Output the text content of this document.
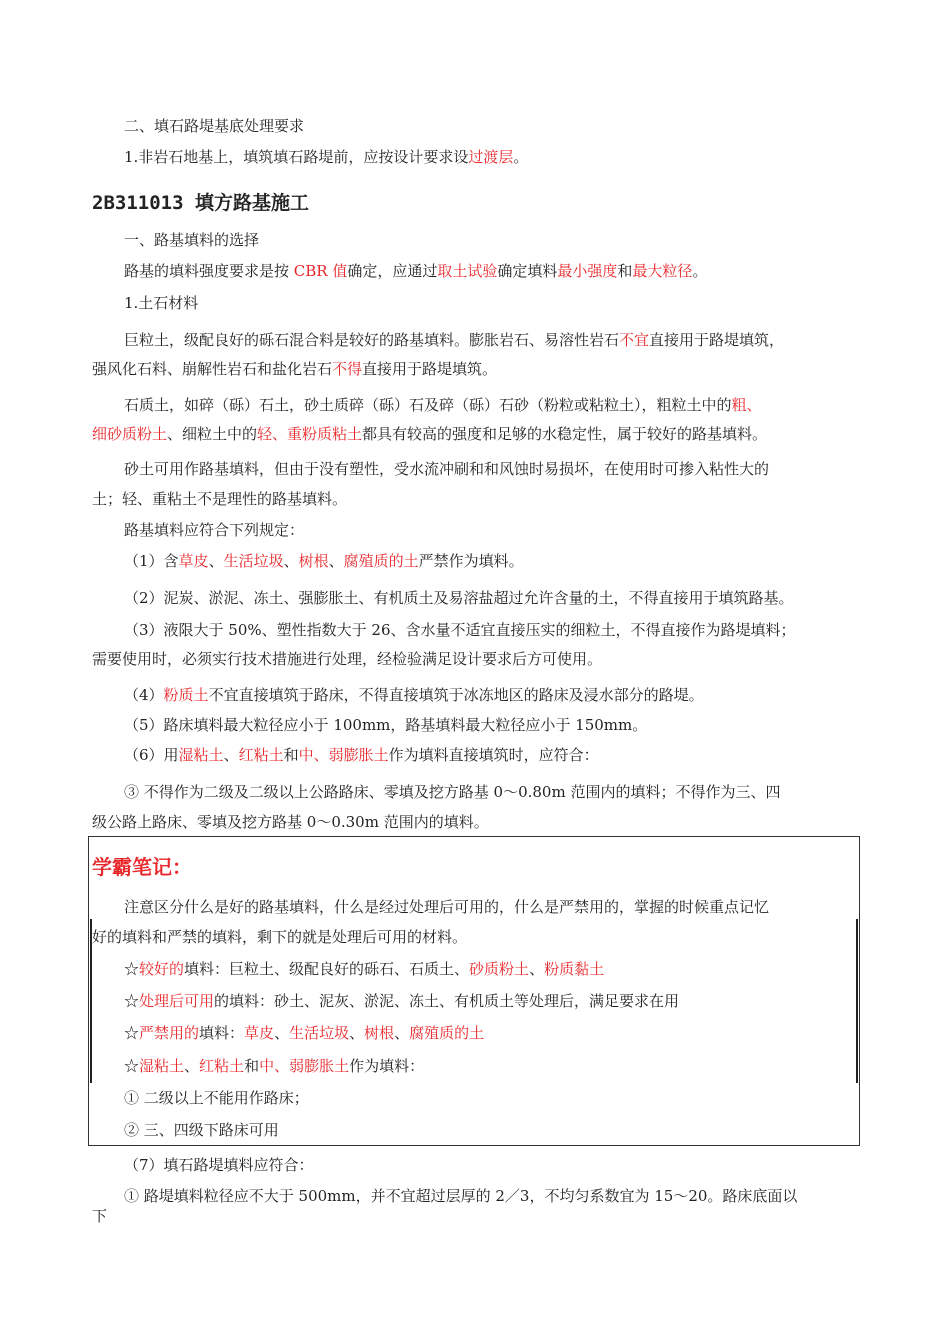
二、填石路堤基底处理要求
1.非岩石地基上，填筑填石路堤前，应按设计要求设过渡层。
2B311013 填方路基施工
一、路基填料的选择
路基的填料强度要求是按 CBR 值确定，应通过取土试验确定填料最小强度和最大粒径。
1.土石材料
巨粒土，级配良好的砾石混合料是较好的路基填料。膨胀岩石、易溶性岩石不宜直接用于路堤填筑，
强风化石料、崩解性岩石和盐化岩石不得直接用于路堤填筑。
石质土，如碎（砾）石土，砂土质碎（砾）石及碎（砾）石砂（粉粒或粘粒土），粗粒土中的粗、
细砂质粉土、细粒土中的轻、重粉质粘土都具有较高的强度和足够的水稳定性，属于较好的路基填料。
砂土可用作路基填料，但由于没有塑性，受水流冲刷和和风蚀时易损坏，在使用时可掺入粘性大的
土；轻、重粘土不是理性的路基填料。
路基填料应符合下列规定：
（1）含草皮、生活垃圾、树根、腐殖质的土严禁作为填料。
（2）泥炭、淤泥、冻土、强膨胀土、有机质土及易溶盐超过允许含量的土，不得直接用于填筑路基。
（3）液限大于 50%、塑性指数大于 26、含水量不适宜直接压实的细粒土，不得直接作为路堤填料；
需要使用时，必须实行技术措施进行处理，经检验满足设计要求后方可使用。
（4）粉质土不宜直接填筑于路床，不得直接填筑于冰冻地区的路床及浸水部分的路堤。
（5）路床填料最大粒径应小于 100mm，路基填料最大粒径应小于 150mm。
（6）用湿粘土、红粘土和中、弱膨胀土作为填料直接填筑时，应符合：
③ 不得作为二级及二级以上公路路床、零填及挖方路基 0～0.80m 范围内的填料；不得作为三、四
级公路上路床、零填及挖方路基 0～0.30m 范围内的填料。
学霸笔记：
注意区分什么是好的路基填料，什么是经过处理后可用的，什么是严禁用的，掌握的时候重点记忆
好的填料和严禁的填料，剩下的就是处理后可用的材料。
☆较好的填料：巨粒土、级配良好的砾石、石质土、砂质粉土、粉质黏土
☆处理后可用的填料：砂土、泥灰、淤泥、冻土、有机质土等处理后，满足要求在用
☆严禁用的填料：草皮、生活垃圾、树根、腐殖质的土
☆湿粘土、红粘土和中、弱膨胀土作为填料：
① 二级以上不能用作路床；
② 三、四级下路床可用
（7）填石路堤填料应符合：
① 路堤填料粒径应不大于 500mm，并不宜超过层厚的 2／3，不均匀系数宜为 15～20。路床底面以
下
